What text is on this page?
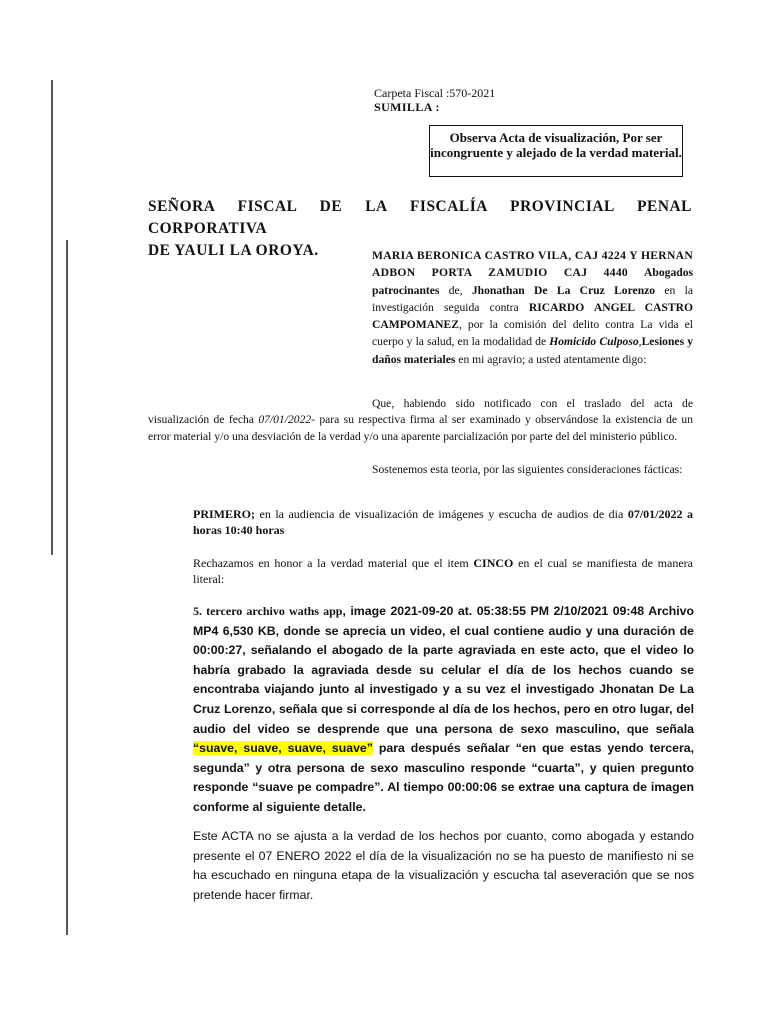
Carpeta Fiscal :570-2021
SUMILLA :
Observa Acta de visualización, Por ser incongruente y alejado de la verdad material.
SEÑORA FISCAL DE LA FISCALÍA PROVINCIAL PENAL CORPORATIVA
DE YAULI LA OROYA.	MARIA BERONICA CASTRO VILA, CAJ 4224 Y HERNAN ADBON PORTA ZAMUDIO CAJ 4440 Abogados patrocinantes de, Jhonathan De La Cruz Lorenzo en la investigación seguida contra RICARDO ANGEL CASTRO CAMPOMANEZ, por la comisión del delito contra La vida el cuerpo y la salud, en la modalidad de Homicido Culposo,Lesiones y daños materiales en mi agravio; a usted atentamente digo:
Que, habiendo sido notificado con el traslado del acta de visualización de fecha 07/01/2022- para su respectiva firma al ser examinado y observándose la existencia de un error material y/o una desviación de la verdad y/o una aparente parcialización por parte del del ministerio público.
Sostenemos esta teoria, por las siguientes consideraciones fácticas:
PRIMERO; en la audiencia de visualización de imágenes y escucha de audios de dia 07/01/2022 a horas 10:40 horas
Rechazamos en honor a la verdad material que el item CINCO en el cual se manifiesta de manera literal:
5. tercero archivo waths app, image 2021-09-20 at. 05:38:55 PM 2/10/2021 09:48 Archivo MP4 6,530 KB, donde se aprecia un video, el cual contiene audio y una duración de 00:00:27, señalando el abogado de la parte agraviada en este acto, que el video lo habría grabado la agraviada desde su celular el día de los hechos cuando se encontraba viajando junto al investigado y a su vez el investigado Jhonatan De La Cruz Lorenzo, señala que si corresponde al día de los hechos, pero en otro lugar, del audio del video se desprende que una persona de sexo masculino, que señala “suave, suave, suave, suave” para después señalar “en que estas yendo tercera, segunda” y otra persona de sexo masculino responde “cuarta”, y quien pregunto responde “suave pe compadre”. Al tiempo 00:00:06 se extrae una captura de imagen conforme al siguiente detalle.
Este ACTA no se ajusta a la verdad de los hechos por cuanto, como abogada y estando presente el 07 ENERO 2022 el día de la visualización no se ha puesto de manifiesto ni se ha escuchado en ninguna etapa de la visualización y escucha tal aseveración que se nos pretende hacer firmar.
